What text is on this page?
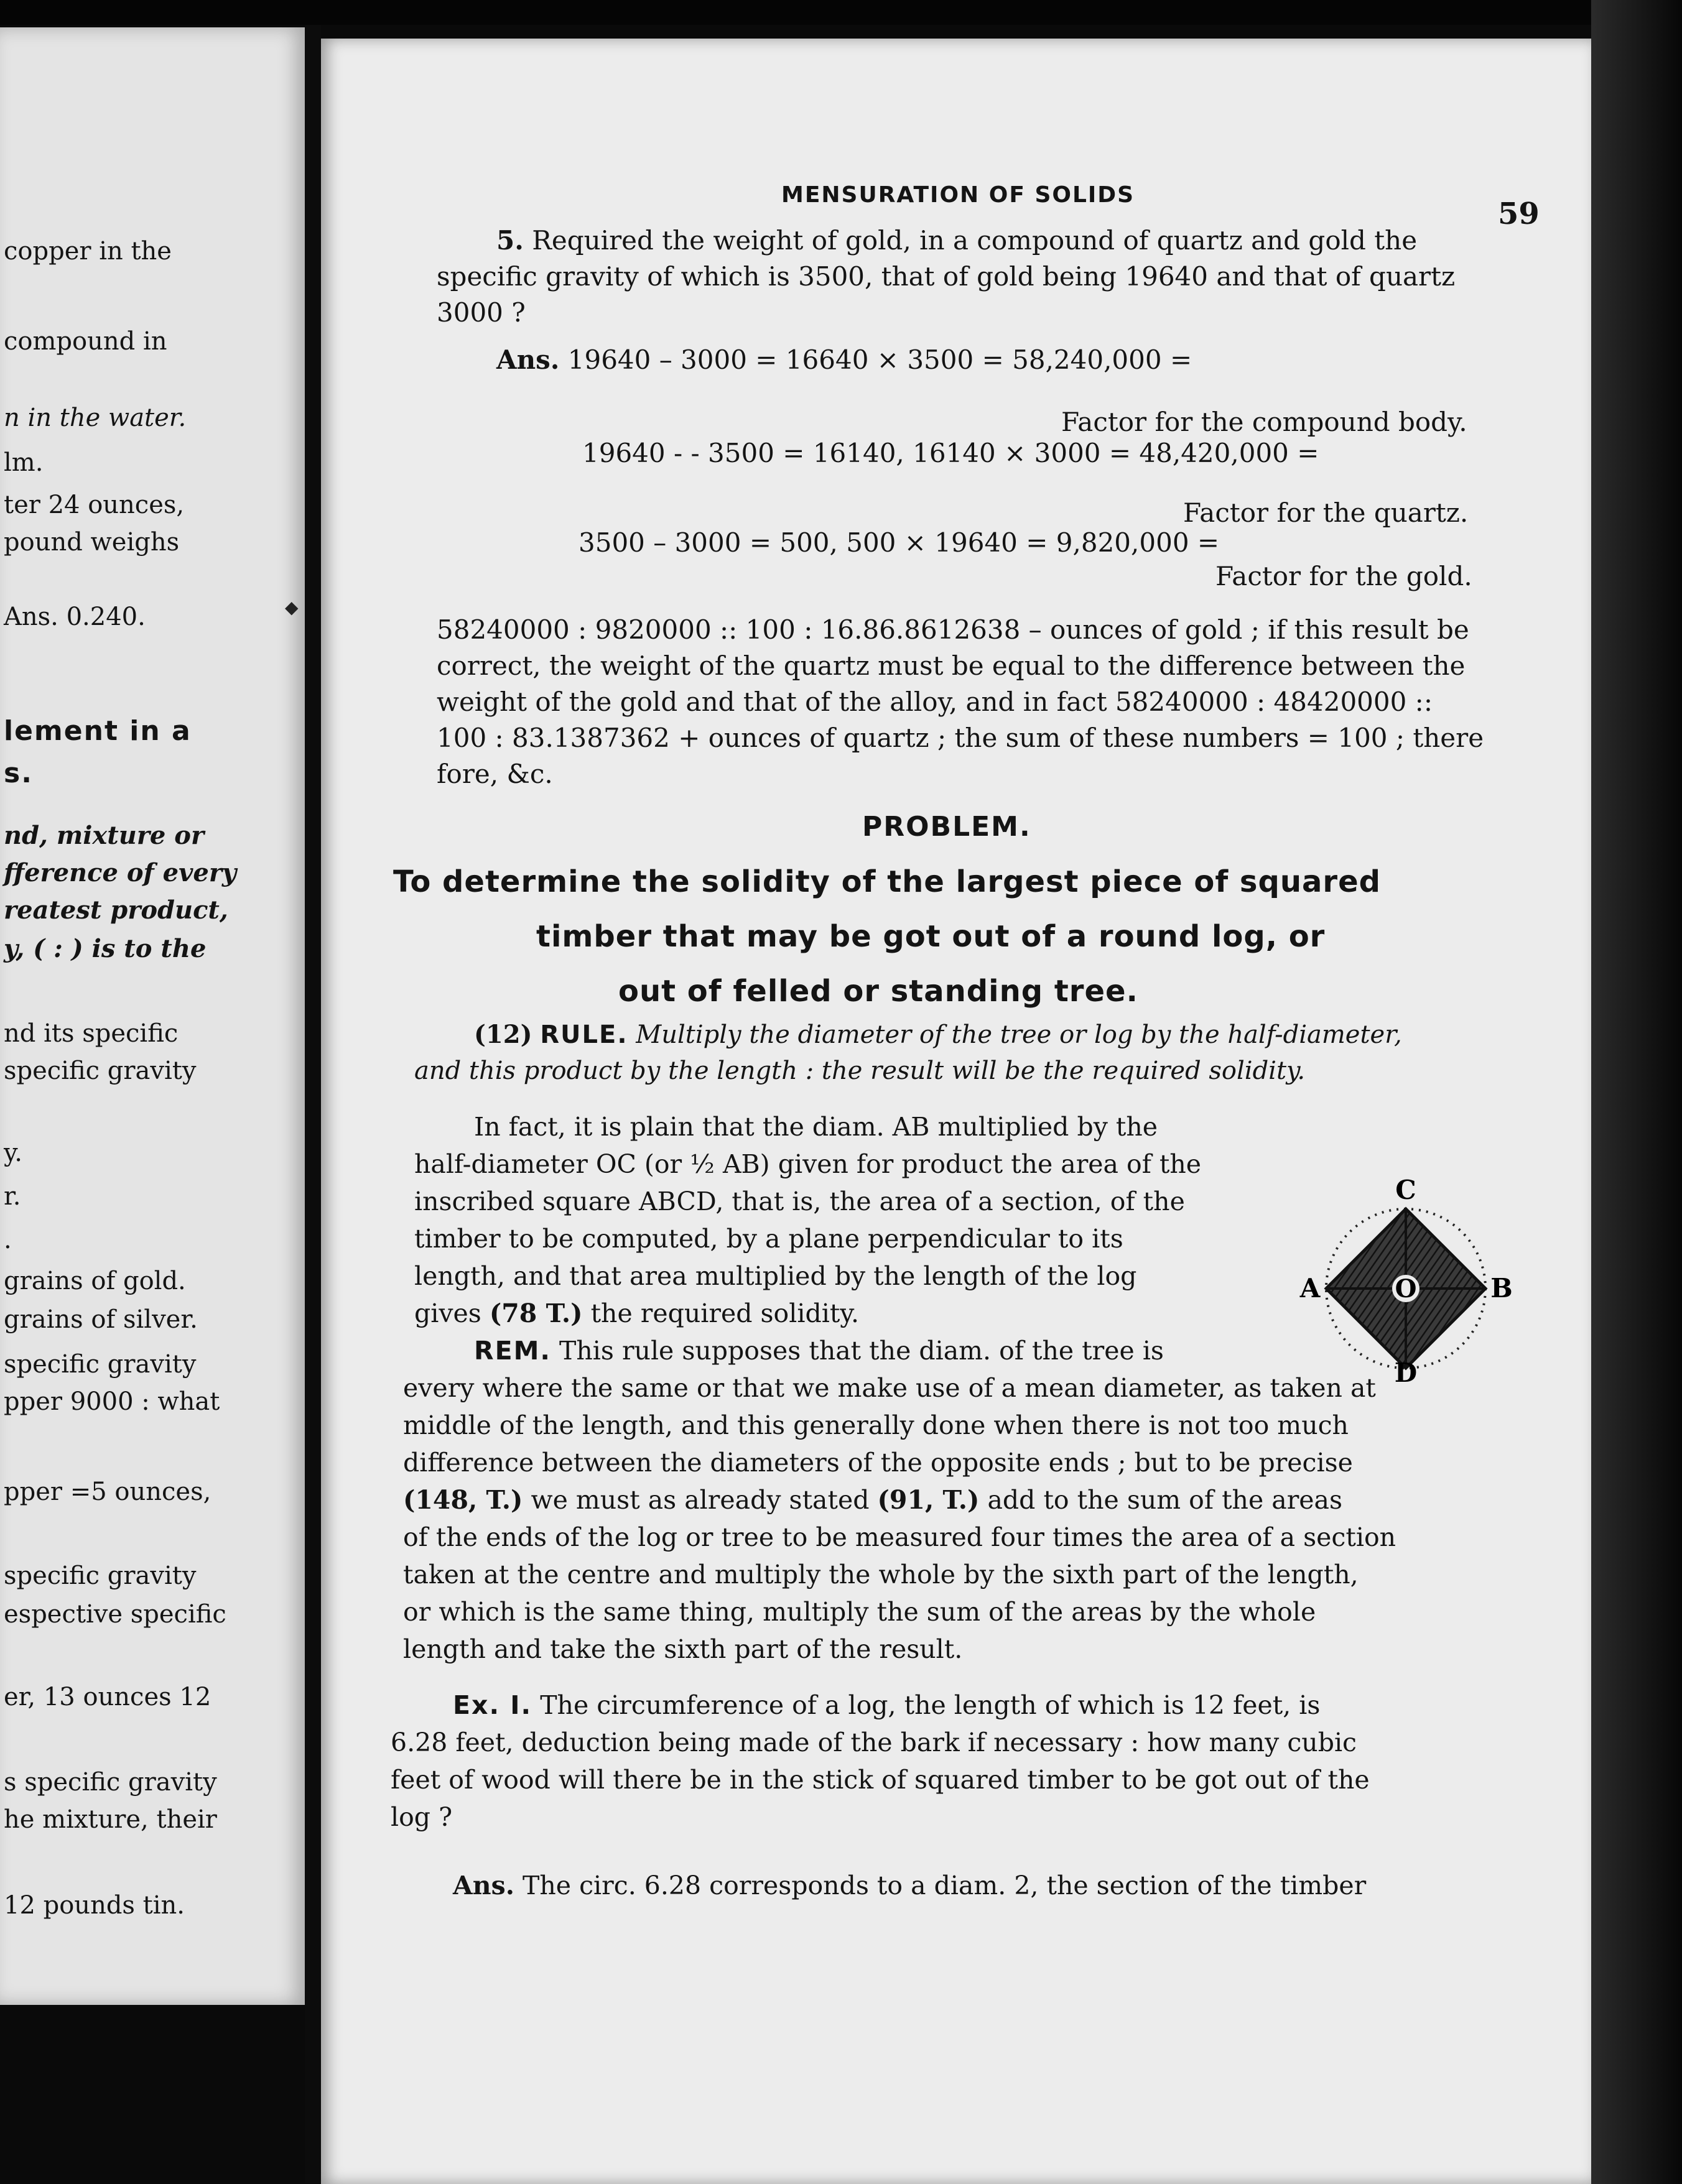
copper in the
compound in
n in the water.
lm.
ter 24 ounces,
pound weighs
Ans. 0.240.
lement in a
s.
nd, mixture or
fference of every
reatest product,
y, ( : ) is to the
nd its specific
specific gravity
y.
r.
.
grains of gold.
grains of silver.
specific gravity
pper 9000 : what
pper =5 ounces,
specific gravity
espective specific
er, 13 ounces 12
s specific gravity
he mixture, their
12 pounds tin.
◆
MENSURATION OF SOLIDS
59
5. Required the weight of gold, in a compound of quartz and gold the
specific gravity of which is 3500, that of gold being 19640 and that of quartz
3000 ?
Ans. 19640 – 3000 = 16640 × 3500 = 58,240,000 =
Factor for the compound body.
19640 - - 3500 = 16140, 16140 × 3000 = 48,420,000 =
Factor for the quartz.
3500 – 3000 = 500, 500 × 19640 = 9,820,000 =
Factor for the gold.
58240000 : 9820000 :: 100 : 16.86.8612638 – ounces of gold ; if this result be
correct, the weight of the quartz must be equal to the difference between the
weight of the gold and that of the alloy, and in fact 58240000 : 48420000 ::
100 : 83.1387362 + ounces of quartz ; the sum of these numbers = 100 ; there
fore, &c.
PROBLEM.
To determine the solidity of the largest piece of squared
timber that may be got out of a round log, or
out of felled or standing tree.
(12) RULE. Multiply the diameter of the tree or log by the half-diameter,
and this product by the length : the result will be the required solidity.
In fact, it is plain that the diam. AB multiplied by the
half-diameter OC (or ½ AB) given for product the area of the
inscribed square ABCD, that is, the area of a section, of the
timber to be computed, by a plane perpendicular to its
length, and that area multiplied by the length of the log
gives (78 T.) the required solidity.
O
C
A	B
D
REM. This rule supposes that the diam. of the tree is
every where the same or that we make use of a mean diameter, as taken at
middle of the length, and this generally done when there is not too much
difference between the diameters of the opposite ends ; but to be precise
(148, T.) we must as already stated (91, T.) add to the sum of the areas
of the ends of the log or tree to be measured four times the area of a section
taken at the centre and multiply the whole by the sixth part of the length,
or which is the same thing, multiply the sum of the areas by the whole
length and take the sixth part of the result.
Ex. I. The circumference of a log, the length of which is 12 feet, is
6.28 feet, deduction being made of the bark if necessary : how many cubic
feet of wood will there be in the stick of squared timber to be got out of the
log ?
Ans. The circ. 6.28 corresponds to a diam. 2, the section of the timber
